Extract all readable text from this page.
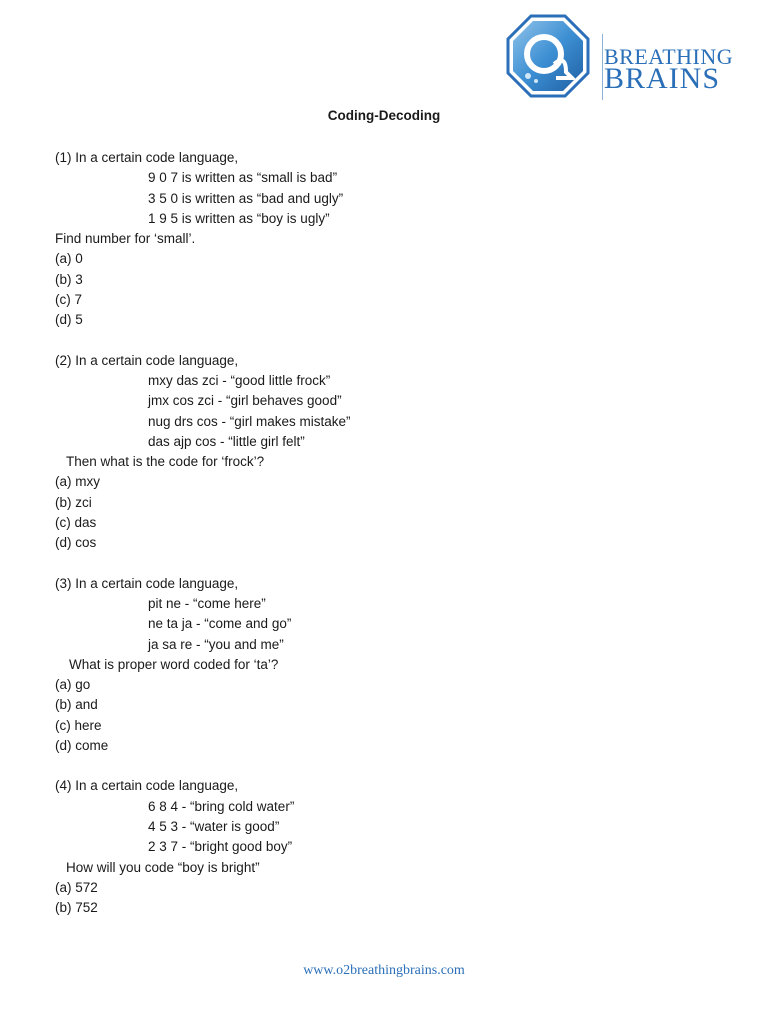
BREATHING
BRAINS
Coding-Decoding
(1) In a certain code language,
9 0 7 is written as “small is bad”
3 5 0 is written as “bad and ugly”
1 9 5 is written as “boy is ugly”
Find number for ‘small’.
(a) 0
(b) 3
(c) 7
(d) 5
(2) In a certain code language,
mxy das zci - “good little frock”
jmx cos zci - “girl behaves good”
nug drs cos - “girl makes mistake”
das ajp cos - “little girl felt”
Then what is the code for ‘frock’?
(a) mxy
(b) zci
(c) das
(d) cos
(3) In a certain code language,
pit ne - “come here”
ne ta ja - “come and go”
ja sa re - “you and me”
What is proper word coded for ‘ta’?
(a) go
(b) and
(c) here
(d) come
(4) In a certain code language,
6 8 4 - “bring cold water”
4 5 3 - “water is good”
2 3 7 - “bright good boy”
How will you code “boy is bright”
(a) 572
(b) 752
www.o2breathingbrains.com
